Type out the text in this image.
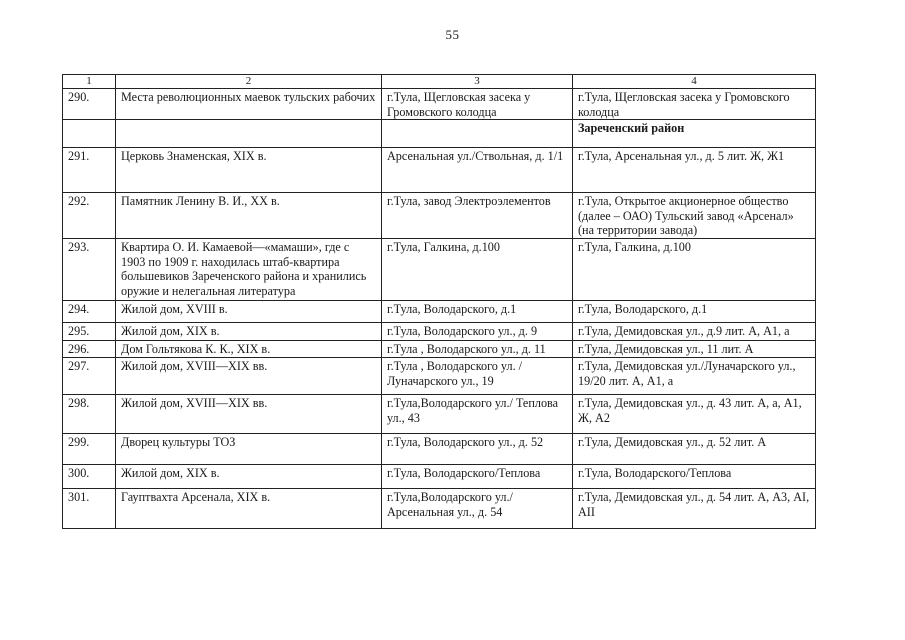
55
1	2	3	4
290.	Места революционных маевок тульских рабочих	г.Тула, Щегловская засека у Громовского колодца	г.Тула, Щегловская засека у Громовского колодца
			Зареченский район
291.	Церковь Знаменская, XIX в.	Арсенальная ул./Ствольная, д. 1/1	г.Тула, Арсенальная ул., д. 5 лит. Ж, Ж1
292.	Памятник Ленину В. И., XX в.	г.Тула, завод Электроэлементов	г.Тула, Открытое акционерное общество (далее – ОАО) Тульский завод «Арсенал» (на территории завода)
293.	Квартира О. И. Камаевой—«мамаши», где с 1903 по 1909 г. находилась штаб-квартира большевиков Зареченского района и хранились оружие и нелегальная литература	г.Тула, Галкина, д.100	г.Тула, Галкина, д.100
294.	Жилой дом, XVIII в.	г.Тула, Володарского, д.1	г.Тула, Володарского, д.1
295.	Жилой дом, XIX в.	г.Тула, Володарского ул., д. 9	г.Тула, Демидовская ул., д.9 лит. А, А1, а
296.	Дом Гольтякова К. К., XIX в.	г.Тула , Володарского ул., д. 11	г.Тула, Демидовская ул., 11 лит. А
297.	Жилой дом, XVIII—XIX вв.	г.Тула , Володарского ул. / Луначарского ул., 19	г.Тула, Демидовская ул./Луначарского ул., 19/20 лит. А, А1, а
298.	Жилой дом, XVIII—XIX вв.	г.Тула,Володарского ул./ Теплова ул., 43	г.Тула, Демидовская ул., д. 43 лит. А, а, А1, Ж, А2
299.	Дворец культуры ТОЗ	г.Тула, Володарского ул., д. 52	г.Тула, Демидовская ул., д. 52 лит. А
300.	Жилой дом, XIX в.	г.Тула, Володарского/Теплова	г.Тула, Володарского/Теплова
301.	Гауптвахта Арсенала, XIX в.	г.Тула,Володарского ул./Арсенальная ул., д. 54	г.Тула, Демидовская ул., д. 54 лит. А, А3, АI, АII
